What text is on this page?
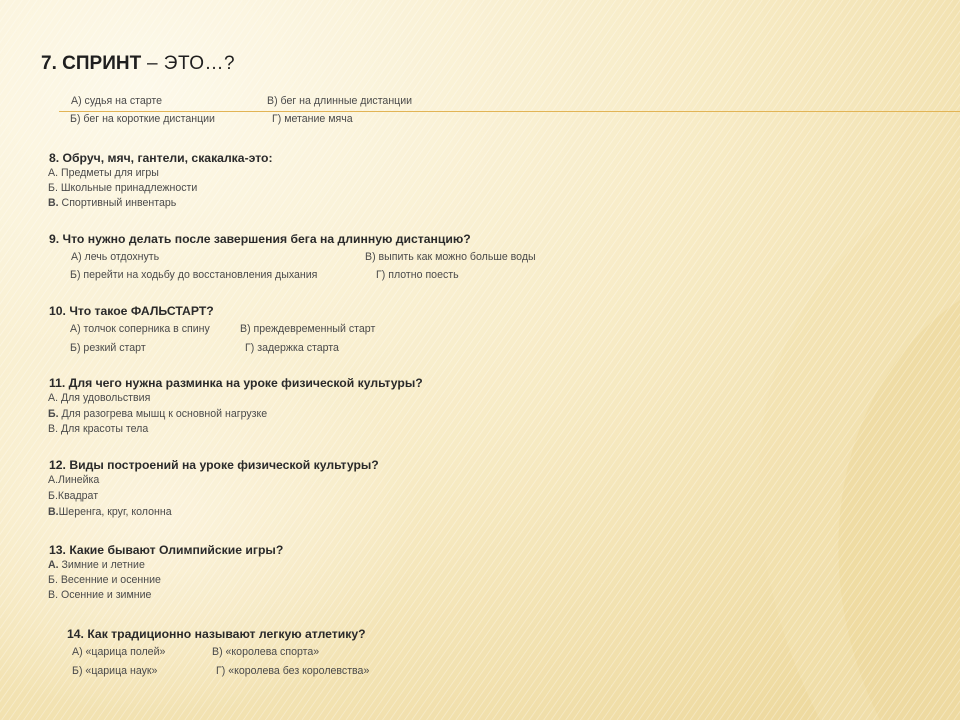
7. СПРИНТ – ЭТО…?
А) судья на старте	В) бег на длинные дистанции
Б) бег на короткие дистанции	Г) метание мяча
8. Обруч, мяч, гантели, скакалка-это:
А. Предметы для игры
Б. Школьные принадлежности
В. Спортивный инвентарь
9. Что нужно делать после завершения бега на длинную дистанцию?
А) лечь отдохнуть	В) выпить как можно больше воды
Б) перейти на ходьбу до восстановления дыхания	Г) плотно поесть
10. Что такое ФАЛЬСТАРТ?
А) толчок соперника в спину	В) преждевременный старт
Б) резкий старт	Г) задержка старта
11. Для чего нужна разминка на уроке физической культуры?
А. Для удовольствия
Б. Для разогрева мышц к основной нагрузке
В. Для красоты тела
12. Виды построений на уроке физической культуры?
А.Линейка
Б.Квадрат
В.Шеренга, круг, колонна
13. Какие бывают Олимпийские игры?
А. Зимние и летние
Б. Весенние и осенние
В. Осенние и зимние
14. Как традиционно называют легкую атлетику?
А) «царица полей»	В) «королева спорта»
Б) «царица наук»	Г) «королева без королевства»
